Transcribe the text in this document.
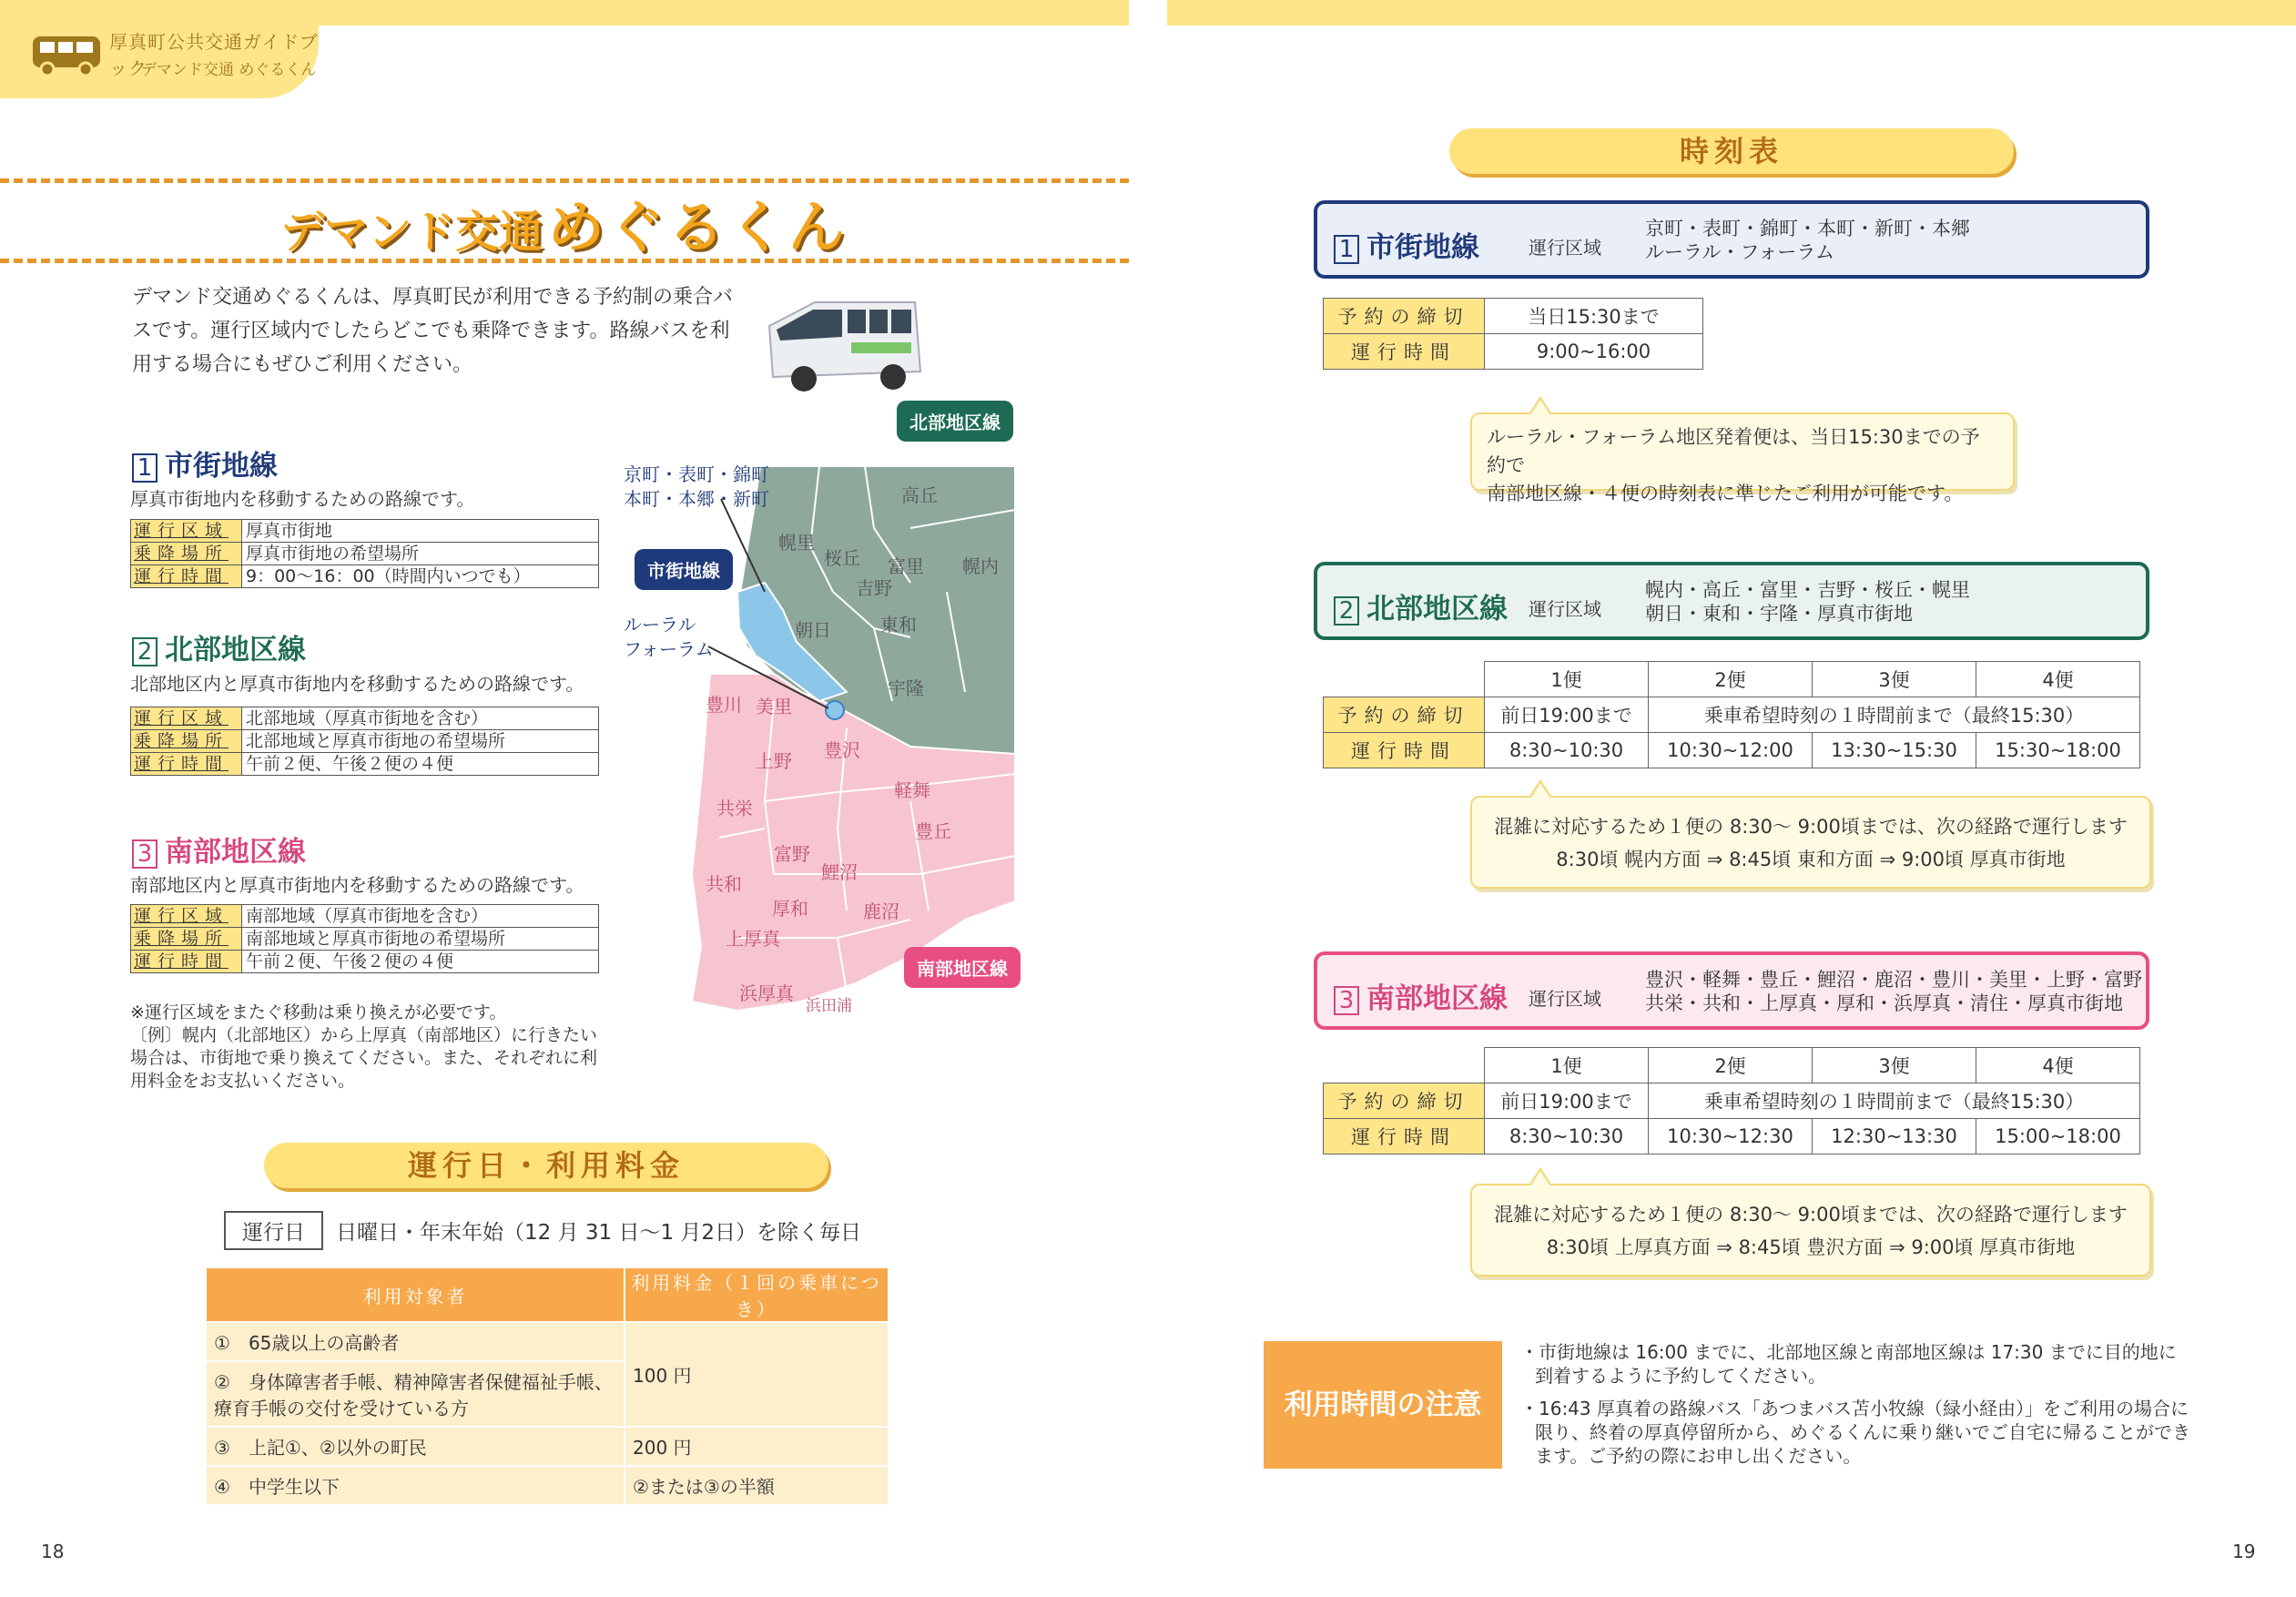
厚真町公共交通ガイドブック
デマンド交通 めぐるくん
デマンド交通 めぐるくん
デマンド交通めぐるくんは、厚真町民が利用できる予約制の乗合バスです。運行区域内でしたらどこでも乗降できます。路線バスを利用する場合にもぜひご利用ください。
1 市街地線
厚真市街地内を移動するための路線です。
運行区域	厚真市街地
乗降場所	厚真市街地の希望場所
運行時間	9：00～16：00（時間内いつでも）
2 北部地区線
北部地区内と厚真市街地内を移動するための路線です。
運行区域	北部地域（厚真市街地を含む）
乗降場所	北部地域と厚真市街地の希望場所
運行時間	午前２便、午後２便の４便
3 南部地区線
南部地区内と厚真市街地内を移動するための路線です。
運行区域	南部地域（厚真市街地を含む）
乗降場所	南部地域と厚真市街地の希望場所
運行時間	午前２便、午後２便の４便
※運行区域をまたぐ移動は乗り換えが必要です。
〔例〕幌内（北部地区）から上厚真（南部地区）に行きたい場合は、市街地で乗り換えてください。また、それぞれに利用料金をお支払いください。
京町・表町・錦町
本町・本郷・新町
ルーラル
フォーラム
高丘
幌里
桜丘 富里 幌内
吉野
朝日	東和
宇隆
豊川 美里
上野 豊沢
軽舞
共栄
豊丘
富野
鯉沼
共和
厚和	鹿沼
上厚真
浜厚真
浜田浦
北部地区線
市街地線
南部地区線
運行日・利用料金
運行日 日曜日・年末年始（12 月 31 日～1 月2日）を除く毎日
利用対象者	利用料金（１回の乗車につき）
①　 65歳以上の高齢者	100 円
②　 身体障害者手帳、精神障害者保健福祉手帳、療育手帳の交付を受けている方	
③　 上記①、②以外の町民	200 円
④　 中学生以下	②または③の半額
18
時刻表
1 市街地線	運行区域
京町・表町・錦町・本町・新町・本郷
ルーラル・フォーラム
予約の締切	当日15:30まで
運行時間	9:00~16:00
ルーラル・フォーラム地区発着便は、当日15:30までの予約で
南部地区線・４便の時刻表に準じたご利用が可能です。
2 北部地区線 運行区域
幌内・高丘・富里・吉野・桜丘・幌里
朝日・東和・宇隆・厚真市街地
	1便	2便	3便	4便
予約の締切	前日19:00まで	乗車希望時刻の１時間前まで（最終15:30）		
運行時間	8:30~10:30	10:30~12:00	13:30~15:30	15:30~18:00
混雑に対応するため１便の 8:30～ 9:00頃までは、次の経路で運行します
8:30頃 幌内方面 ⇒ 8:45頃 東和方面 ⇒ 9:00頃 厚真市街地
3 南部地区線 運行区域
豊沢・軽舞・豊丘・鯉沼・鹿沼・豊川・美里・上野・富野
共栄・共和・上厚真・厚和・浜厚真・清住・厚真市街地
	1便	2便	3便	4便
予約の締切	前日19:00まで	乗車希望時刻の１時間前まで（最終15:30）		
運行時間	8:30~10:30	10:30~12:30	12:30~13:30	15:00~18:00
混雑に対応するため１便の 8:30～ 9:00頃までは、次の経路で運行します
8:30頃 上厚真方面 ⇒ 8:45頃 豊沢方面 ⇒ 9:00頃 厚真市街地
利用時間の注意

・市街地線は 16:00 までに、北部地区線と南部地区線は 17:30 までに目的地に到着するように予約してください。

・16:43 厚真着の路線バス「あつまバス苫小牧線（緑小経由）」をご利用の場合に限り、終着の厚真停留所から、めぐるくんに乗り継いでご自宅に帰ることができます。ご予約の際にお申し出ください。

19
